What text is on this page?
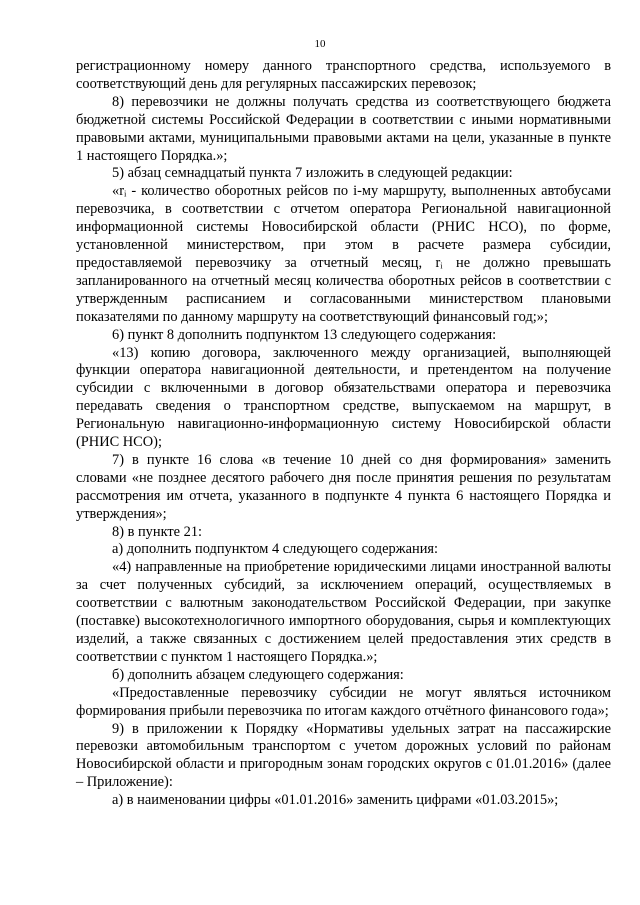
10

регистрационному номеру данного транспортного средства, используемого в соответствующий день для регулярных пассажирских перевозок;

8) перевозчики не должны получать средства из соответствующего бюджета бюджетной системы Российской Федерации в соответствии с иными нормативными правовыми актами, муниципальными правовыми актами на цели, указанные в пункте 1 настоящего Порядка.»;

5) абзац семнадцатый пункта 7 изложить в следующей редакции:

«rᵢ - количество оборотных рейсов по i-му маршруту, выполненных автобусами перевозчика, в соответствии с отчетом оператора Региональной навигационной информационной системы Новосибирской области (РНИС НСО), по форме, установленной министерством, при этом в расчете размера субсидии, предоставляемой перевозчику за отчетный месяц, rᵢ не должно превышать запланированного на отчетный месяц количества оборотных рейсов в соответствии с утвержденным расписанием и согласованными министерством плановыми показателями по данному маршруту на соответствующий финансовый год;»;

6) пункт 8 дополнить подпунктом 13 следующего содержания:

«13) копию договора, заключенного между организацией, выполняющей функции оператора навигационной деятельности, и претендентом на получение субсидии с включенными в договор обязательствами оператора и перевозчика передавать сведения о транспортном средстве, выпускаемом на маршрут, в Региональную навигационно-информационную систему Новосибирской области (РНИС НСО);

7) в пункте 16 слова «в течение 10 дней со дня формирования» заменить словами «не позднее десятого рабочего дня после принятия решения по результатам рассмотрения им отчета, указанного в подпункте 4 пункта 6 настоящего Порядка и утверждения»;

8) в пункте 21:

а) дополнить подпунктом 4 следующего содержания:

«4) направленные на приобретение юридическими лицами иностранной валюты за счет полученных субсидий, за исключением операций, осуществляемых в соответствии с валютным законодательством Российской Федерации, при закупке (поставке) высокотехнологичного импортного оборудования, сырья и комплектующих изделий, а также связанных с достижением целей предоставления этих средств в соответствии с пунктом 1 настоящего Порядка.»;

б) дополнить абзацем следующего содержания:

«Предоставленные перевозчику субсидии не могут являться источником формирования прибыли перевозчика по итогам каждого отчётного финансового года»;

9) в приложении к Порядку «Нормативы удельных затрат на пассажирские перевозки автомобильным транспортом с учетом дорожных условий по районам Новосибирской области и пригородным зонам городских округов с 01.01.2016» (далее – Приложение):

а) в наименовании цифры «01.01.2016» заменить цифрами «01.03.2015»;
